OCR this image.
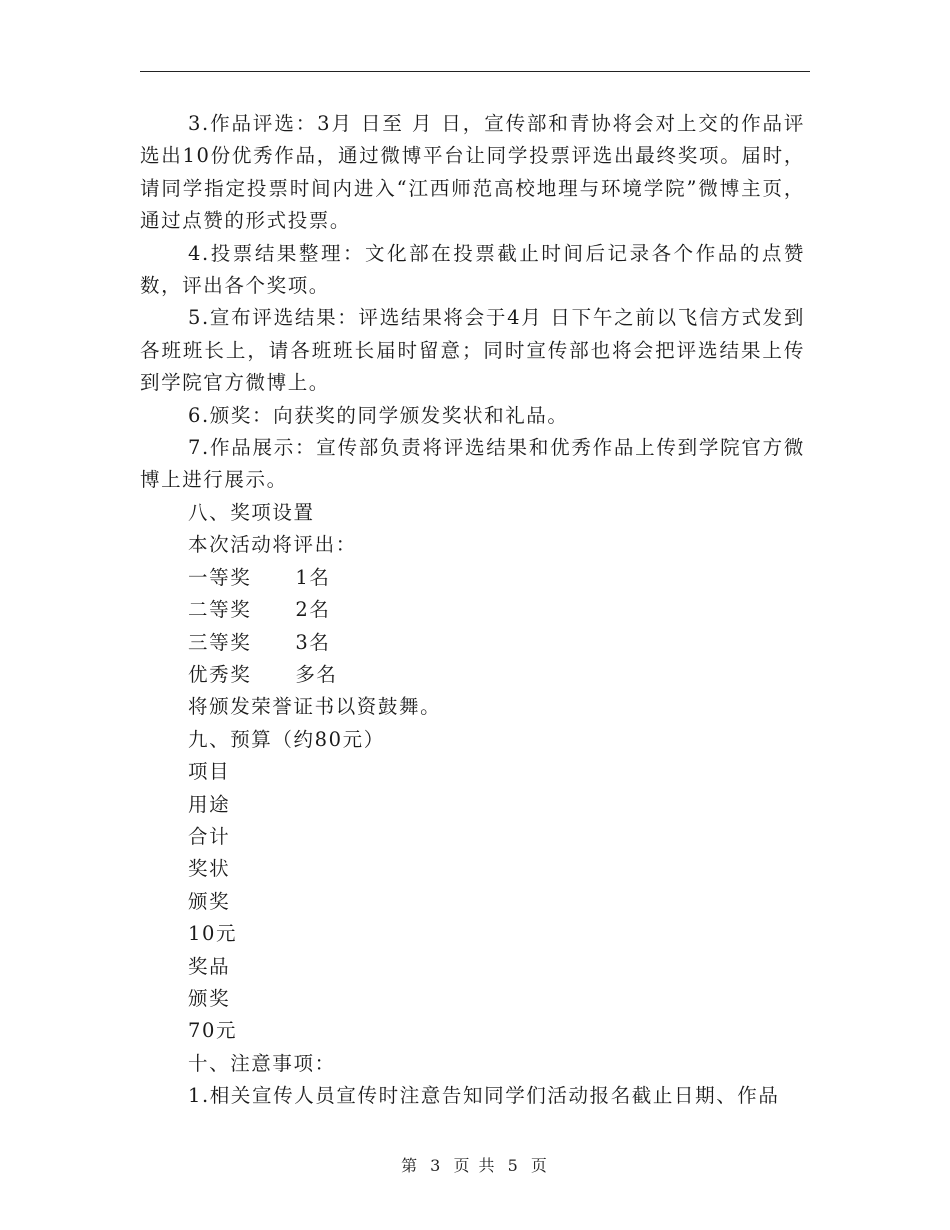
3.作品评选：3月 日至 月 日，宣传部和青协将会对上交的作品评选出10份优秀作品，通过微博平台让同学投票评选出最终奖项。届时，请同学指定投票时间内进入“江西师范高校地理与环境学院”微博主页，通过点赞的形式投票。

4.投票结果整理：文化部在投票截止时间后记录各个作品的点赞数，评出各个奖项。

5.宣布评选结果：评选结果将会于4月 日下午之前以飞信方式发到各班班长上，请各班班长届时留意；同时宣传部也将会把评选结果上传到学院官方微博上。

6.颁奖：向获奖的同学颁发奖状和礼品。

7.作品展示：宣传部负责将评选结果和优秀作品上传到学院官方微博上进行展示。

八、奖项设置

本次活动将评出：

一等奖 1名

二等奖 2名

三等奖 3名

优秀奖 多名

将颁发荣誉证书以资鼓舞。

九、预算（约80元）

项目

用途

合计

奖状

颁奖

10元

奖品

颁奖

70元

十、注意事项：

1.相关宣传人员宣传时注意告知同学们活动报名截止日期、作品

第 3 页 共 5 页
